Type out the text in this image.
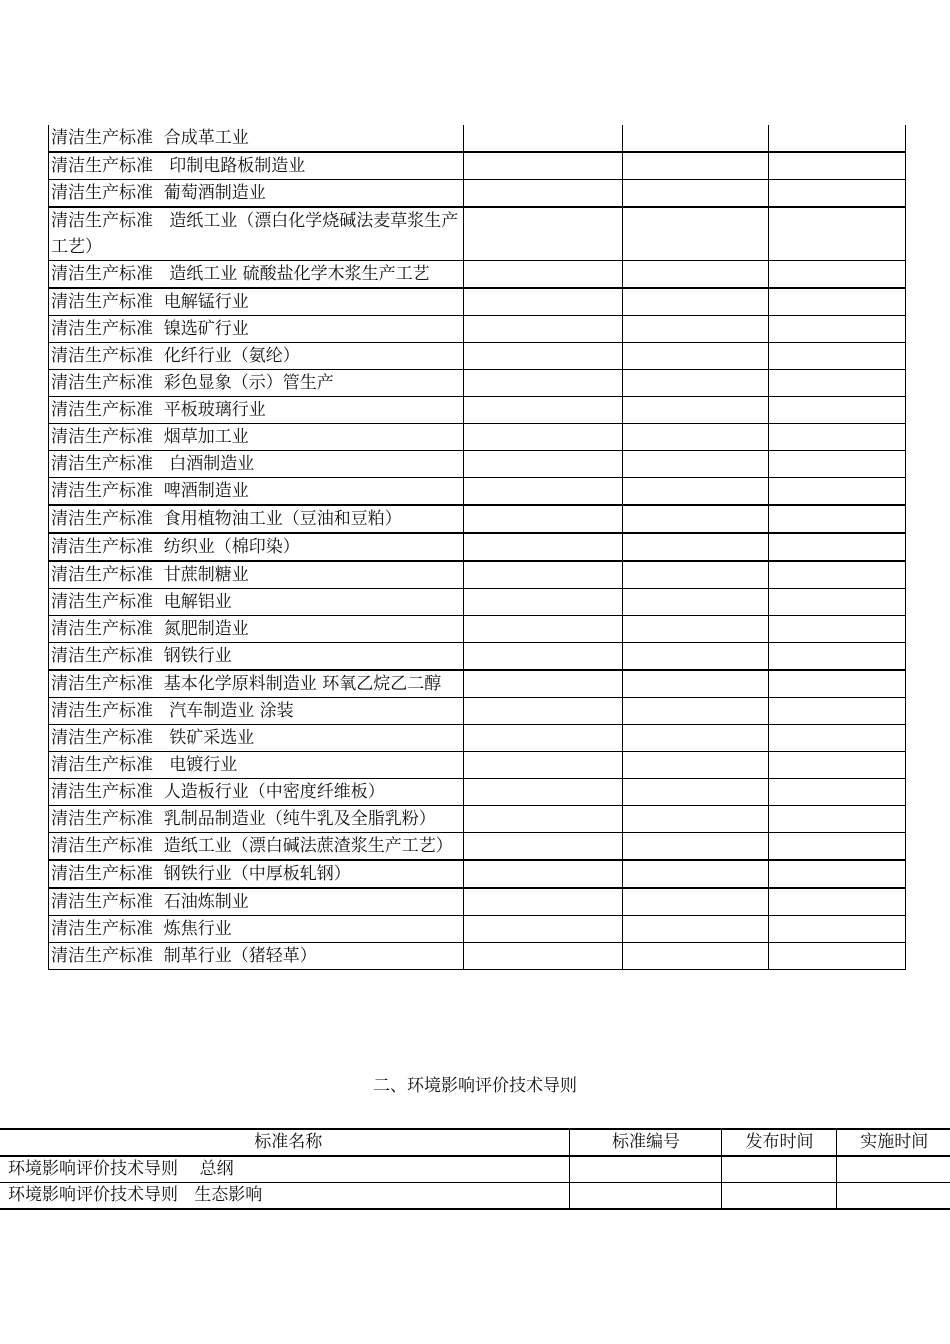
清洁生产标准  合成革工业			
清洁生产标准   印制电路板制造业			
清洁生产标准  葡萄酒制造业			
清洁生产标准   造纸工业（漂白化学烧碱法麦草浆生产工艺）			
清洁生产标准   造纸工业 硫酸盐化学木浆生产工艺			
清洁生产标准  电解锰行业			
清洁生产标准  镍选矿行业			
清洁生产标准  化纤行业（氨纶）			
清洁生产标准  彩色显象（示）管生产			
清洁生产标准  平板玻璃行业			
清洁生产标准  烟草加工业			
清洁生产标准   白酒制造业			
清洁生产标准  啤酒制造业			
清洁生产标准  食用植物油工业（豆油和豆粕）			
清洁生产标准  纺织业（棉印染）			
清洁生产标准  甘蔗制糖业			
清洁生产标准  电解铝业			
清洁生产标准  氮肥制造业			
清洁生产标准  钢铁行业			
清洁生产标准  基本化学原料制造业 环氧乙烷乙二醇			
清洁生产标准   汽车制造业 涂装			
清洁生产标准   铁矿采选业			
清洁生产标准   电镀行业			
清洁生产标准  人造板行业（中密度纤维板）			
清洁生产标准  乳制品制造业（纯牛乳及全脂乳粉）			
清洁生产标准  造纸工业（漂白碱法蔗渣浆生产工艺）			
清洁生产标准  钢铁行业（中厚板轧钢）			
清洁生产标准  石油炼制业			
清洁生产标准  炼焦行业			
清洁生产标准  制革行业（猪轻革）			
二、环境影响评价技术导则
标准名称	标准编号	发布时间	实施时间
环境影响评价技术导则    总纲			
环境影响评价技术导则   生态影响			
